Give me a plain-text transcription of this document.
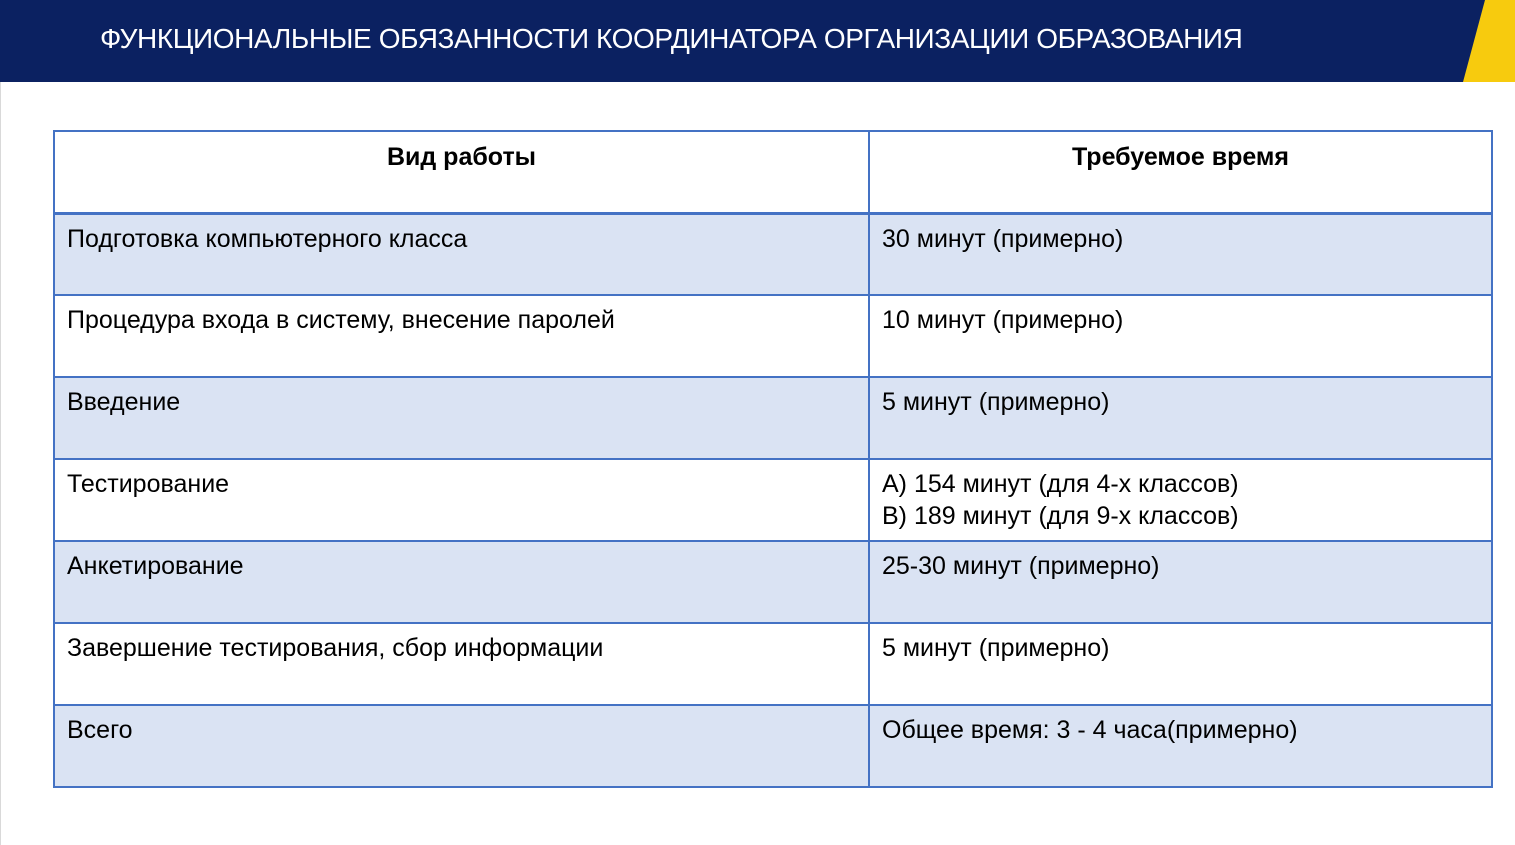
ФУНКЦИОНАЛЬНЫЕ ОБЯЗАННОСТИ КООРДИНАТОРА ОРГАНИЗАЦИИ ОБРАЗОВАНИЯ
Вид работы	Требуемое время
Подготовка компьютерного класса	30 минут (примерно)

Процедура входа в систему, внесение паролей	10 минут (примерно)

Введение	5 минут (примерно)

Тестирование	А) 154 минут (для 4-х классов)
В) 189 минут (для 9-х классов)

Анкетирование	25-30 минут (примерно)

Завершение тестирования, сбор информации	5 минут (примерно)

Всего	Общее время: 3 - 4 часа(примерно)
